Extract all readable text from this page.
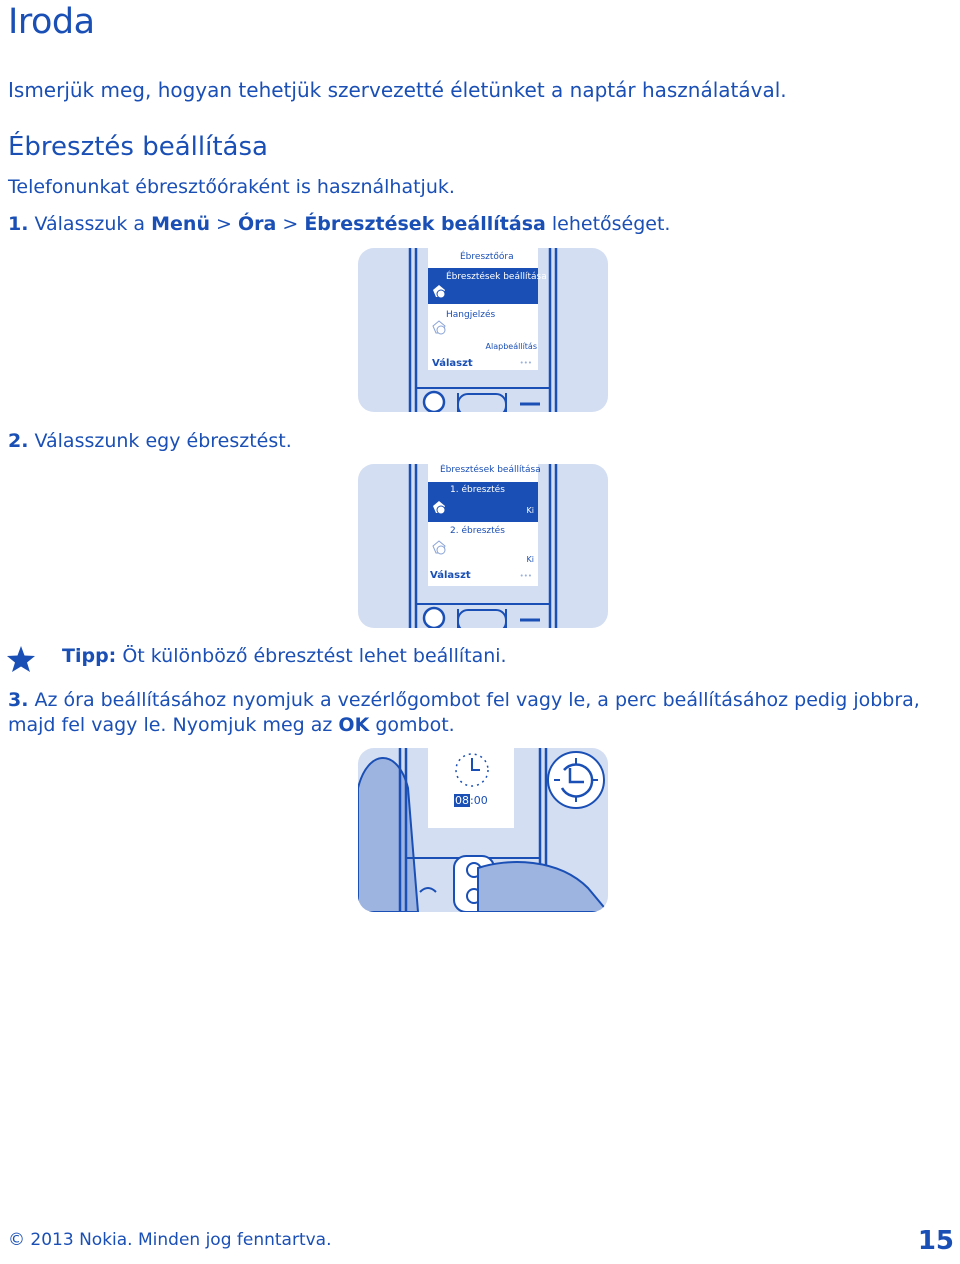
Iroda
Ismerjük meg, hogyan tehetjük szervezetté életünket a naptár használatával.
Ébresztés beállítása
Telefonunkat ébresztőóraként is használhatjuk.
1. Válasszuk a Menü > Óra > Ébresztések beállítása lehetőséget.
Ébresztőóra
Ébresztések beállítása
Hangjelzés
Alapbeállítás
Választ	•••
2. Válasszunk egy ébresztést.
Ébresztések beállítása
1. ébresztés
Ki
2. ébresztés
Ki
Választ	•••
Tipp: Öt különböző ébresztést lehet beállítani.
3. Az óra beállításához nyomjuk a vezérlőgombot fel vagy le, a perc beállításához pedig jobbra, majd fel vagy le. Nyomjuk meg az OK gombot.
08:00
© 2013 Nokia. Minden jog fenntartva.	15
